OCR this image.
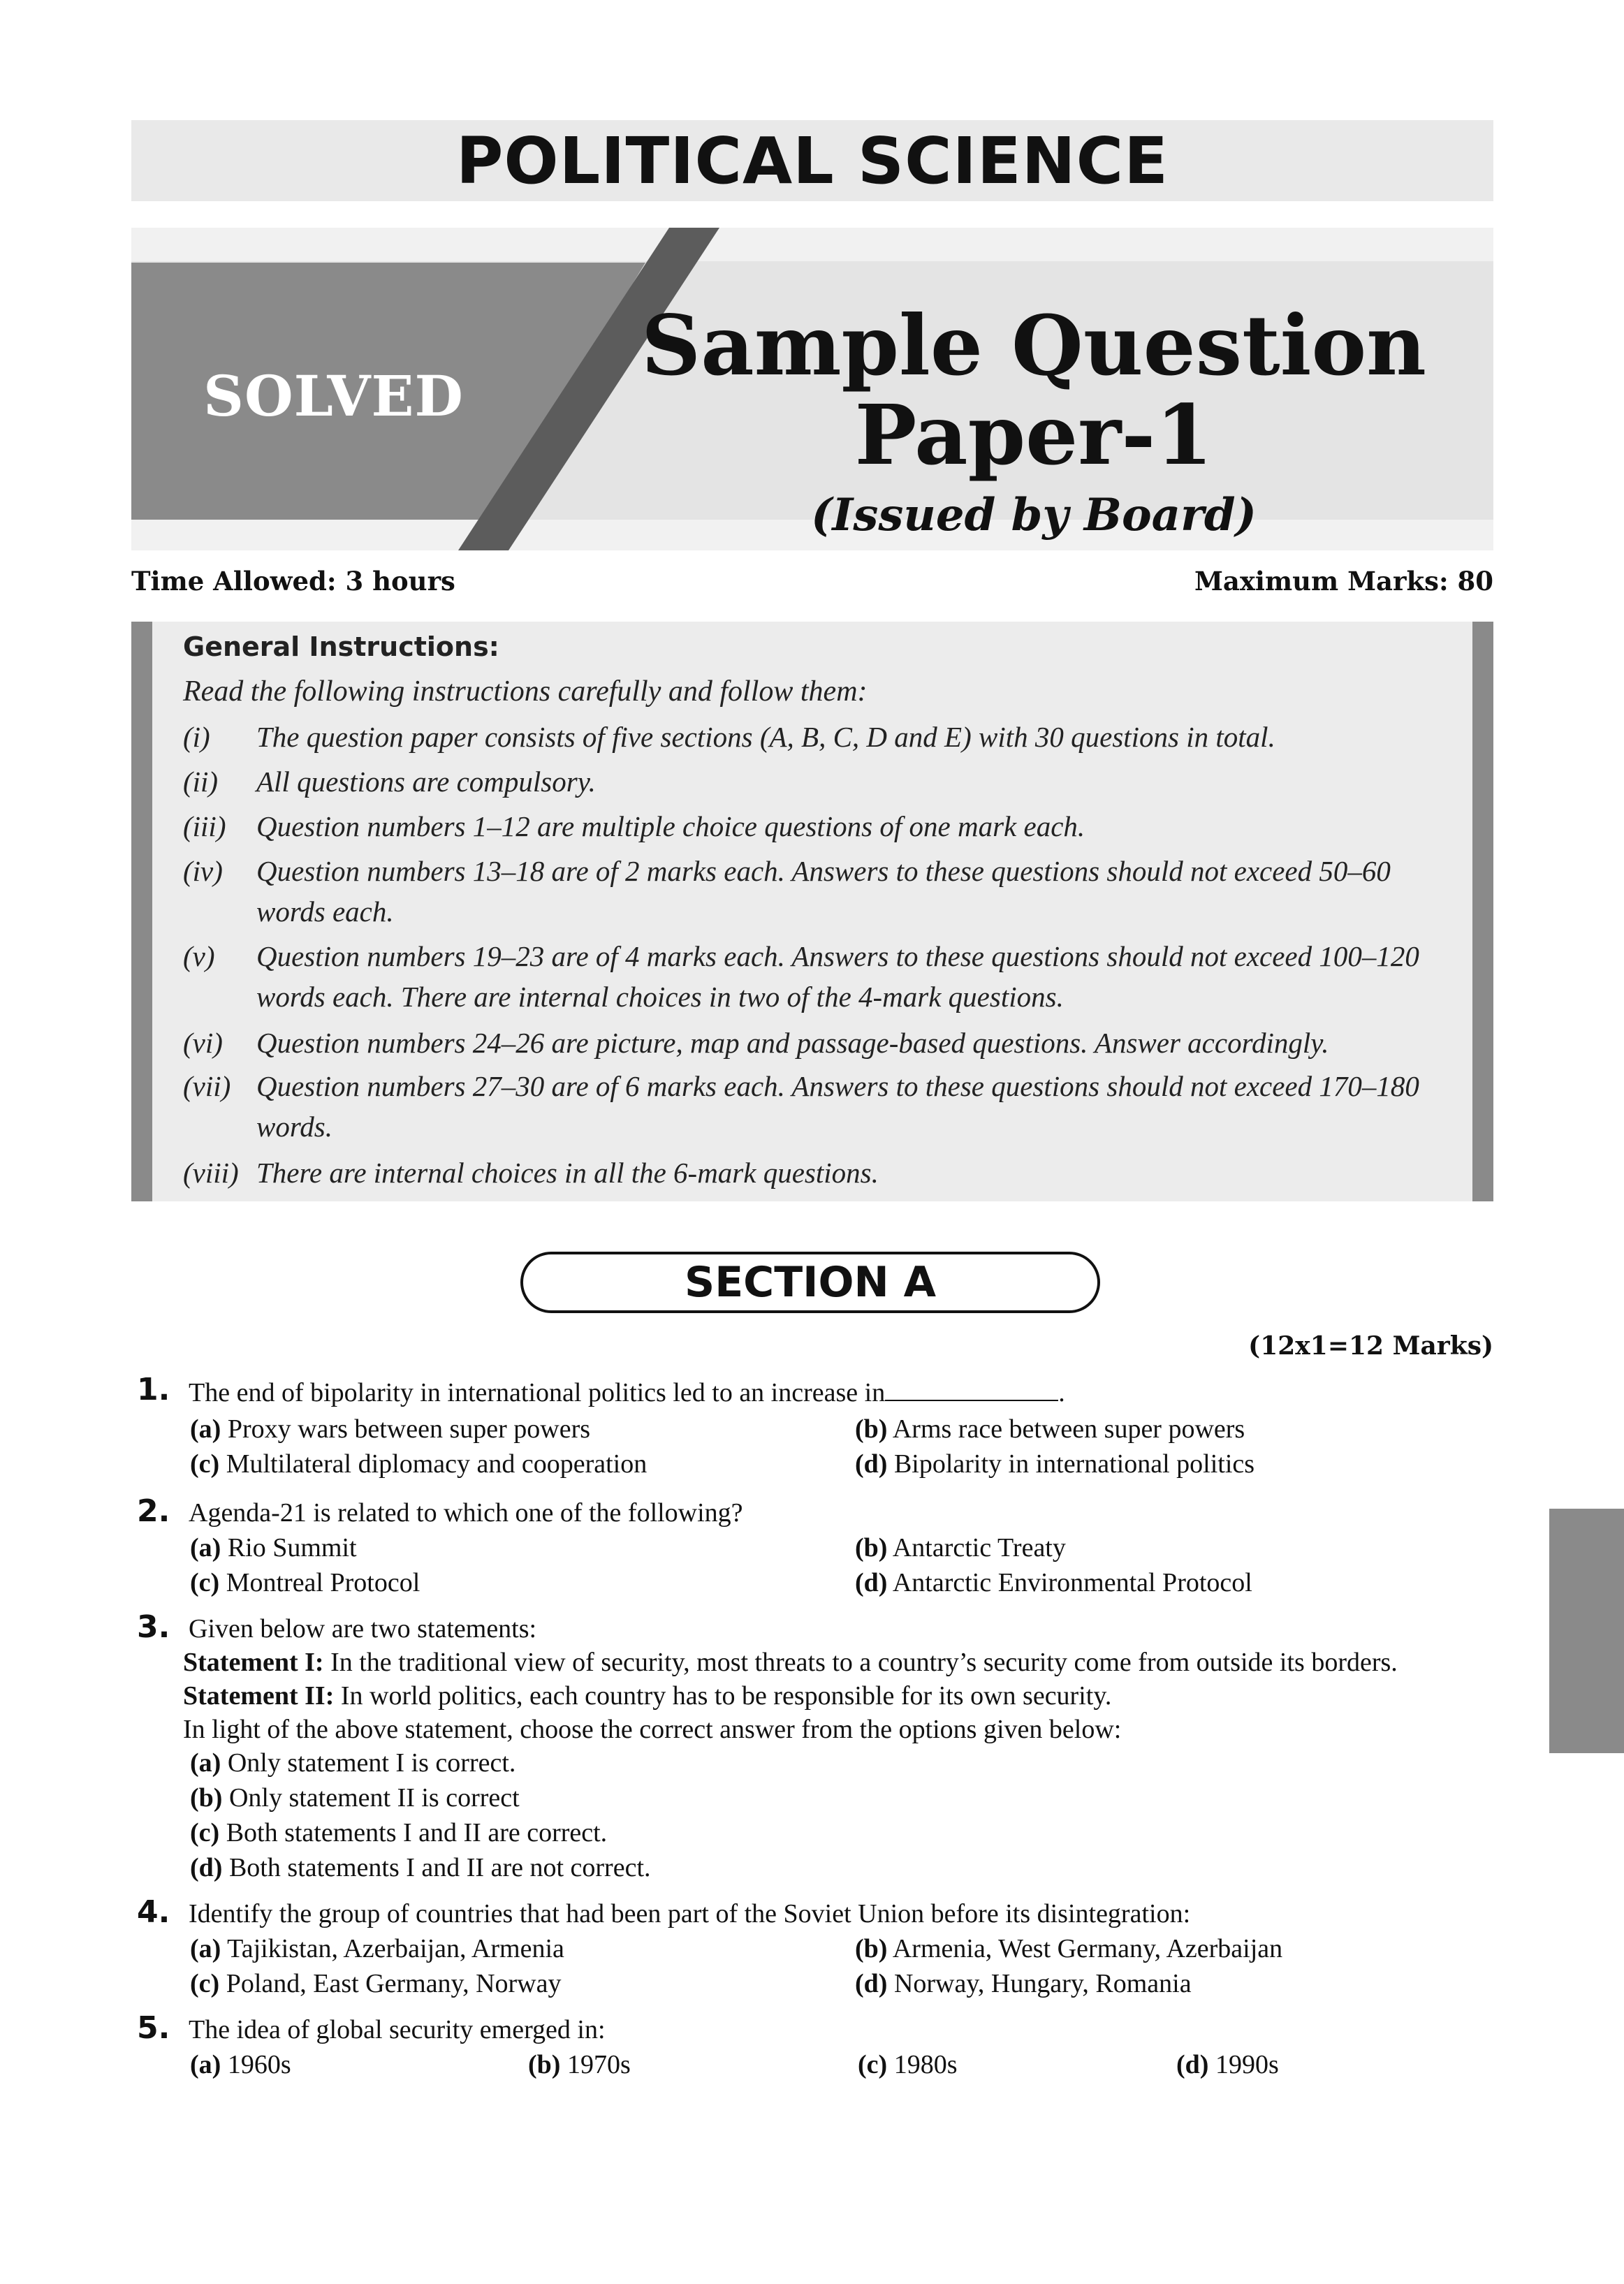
POLITICAL SCIENCE
SOLVED
Sample Question
Paper-1
(Issued by Board)
Time Allowed: 3 hours	Maximum Marks: 80
General Instructions:
Read the following instructions carefully and follow them:
(i)	The question paper consists of five sections (A, B, C, D and E) with 30 questions in total.
(ii)	All questions are compulsory.
(iii)	Question numbers 1–12 are multiple choice questions of one mark each.
(iv)	Question numbers 13–18 are of 2 marks each. Answers to these questions should not exceed 50–60 words each.
(v)	Question numbers 19–23 are of 4 marks each. Answers to these questions should not exceed 100–120 words each. There are internal choices in two of the 4-mark questions.
(vi)	Question numbers 24–26 are picture, map and passage-based questions. Answer accordingly.
(vii) Question numbers 27–30 are of 6 marks each. Answers to these questions should not exceed 170–180 words.
(viii) There are internal choices in all the 6-mark questions.
SECTION A
(12x1=12 Marks)
1. The end of bipolarity in international politics led to an increase in	.
(a) Proxy wars between super powers	(b) Arms race between super powers
(c) Multilateral diplomacy and cooperation	(d) Bipolarity in international politics
2. Agenda-21 is related to which one of the following?
(a) Rio Summit	(b) Antarctic Treaty
(c) Montreal Protocol	(d) Antarctic Environmental Protocol
3. Given below are two statements:
Statement I: In the traditional view of security, most threats to a country’s security come from outside its borders.
Statement II: In world politics, each country has to be responsible for its own security.
In light of the above statement, choose the correct answer from the options given below:
(a) Only statement I is correct.
(b) Only statement II is correct
(c) Both statements I and II are correct.
(d) Both statements I and II are not correct.
4. Identify the group of countries that had been part of the Soviet Union before its disintegration:
(a) Tajikistan, Azerbaijan, Armenia	(b) Armenia, West Germany, Azerbaijan
(c) Poland, East Germany, Norway	(d) Norway, Hungary, Romania
5. The idea of global security emerged in:
(a) 1960s	(b) 1970s	(c) 1980s	(d) 1990s
